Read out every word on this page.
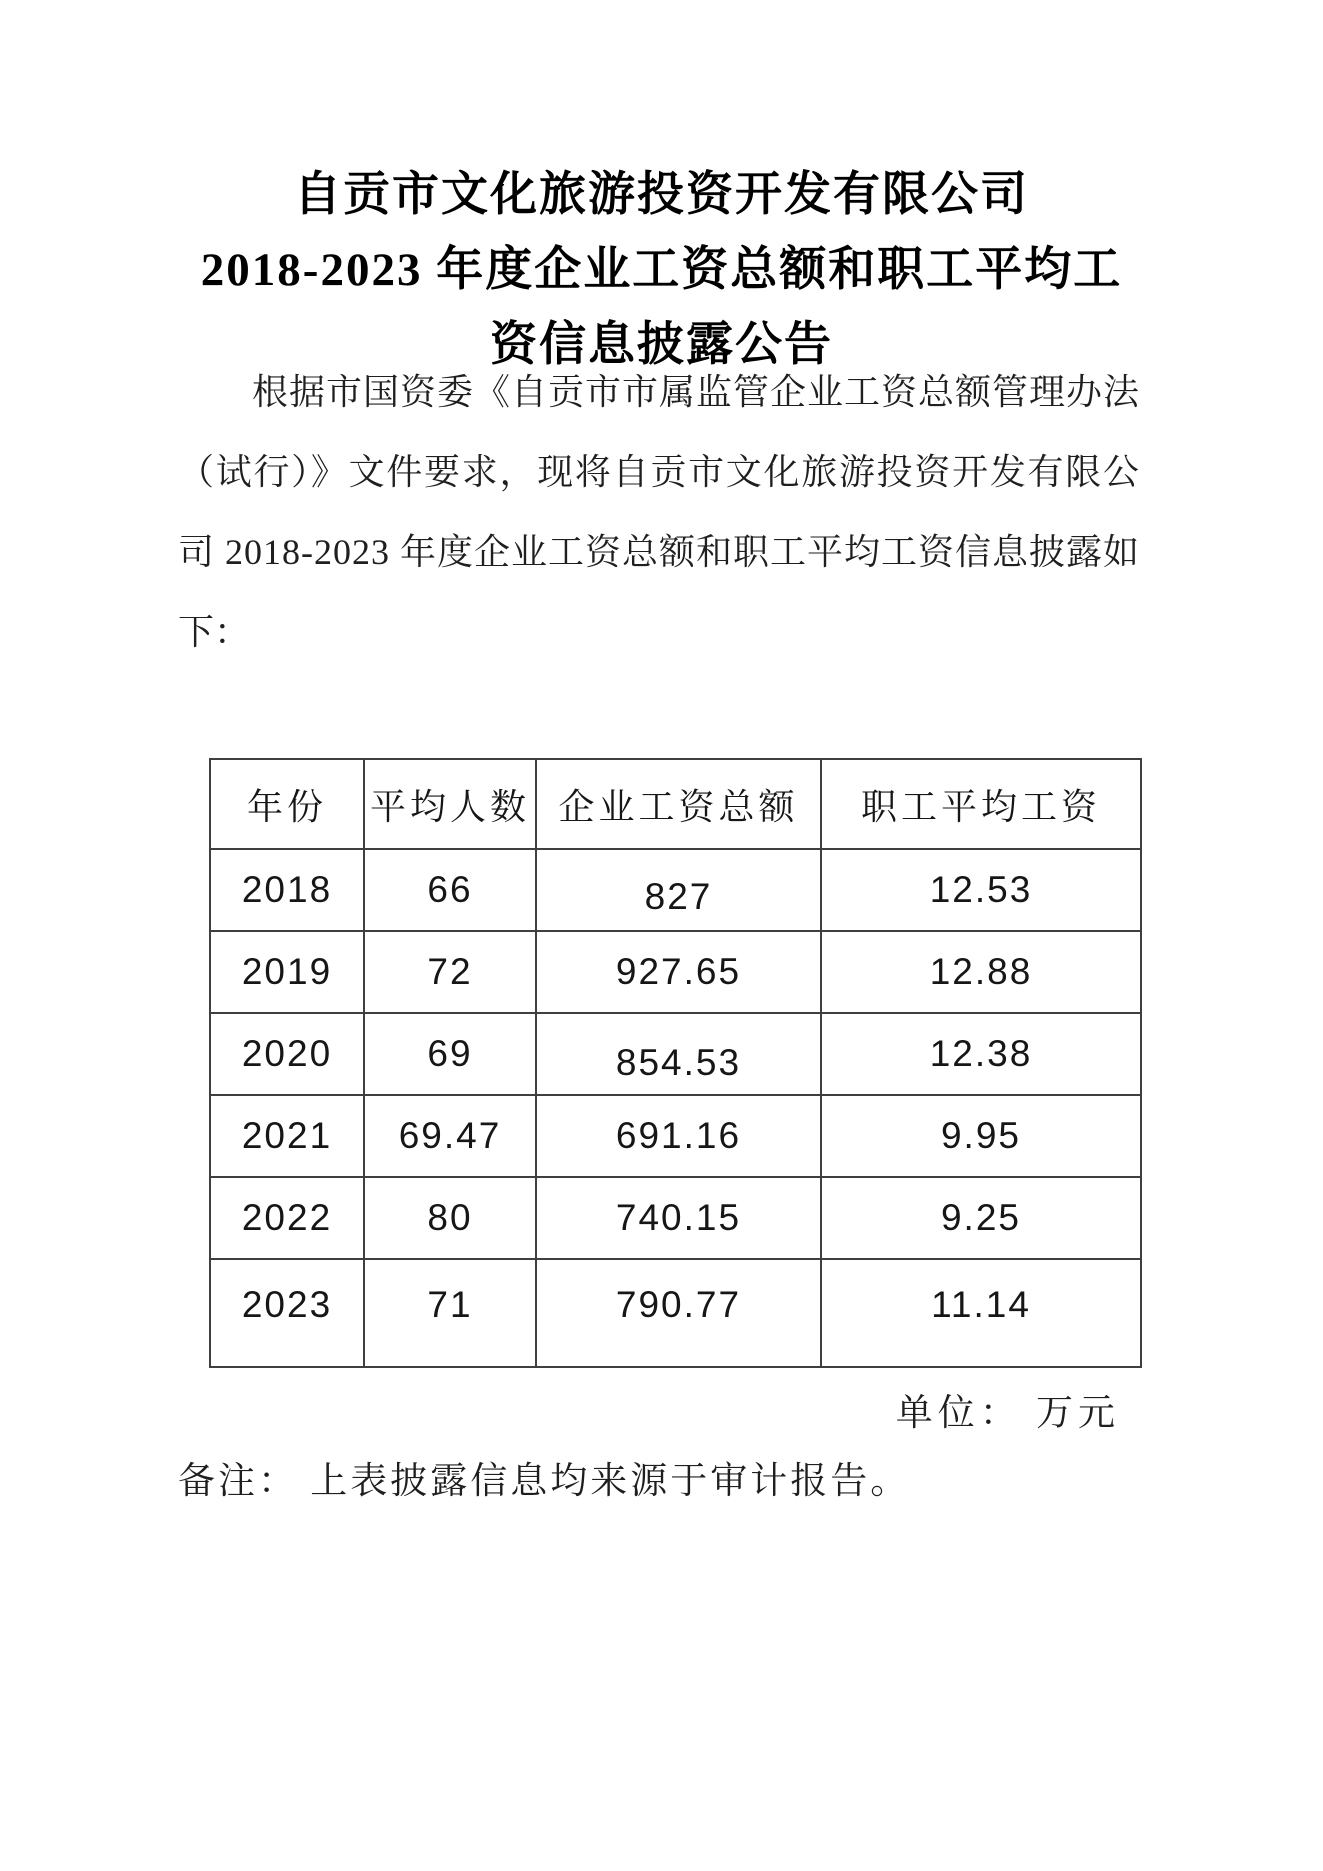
自贡市文化旅游投资开发有限公司
2018-2023 年度企业工资总额和职工平均工
资信息披露公告
根据市国资委《自贡市市属监管企业工资总额管理办法
（试行）》文件要求，现将自贡市文化旅游投资开发有限公
司 2018-2023 年度企业工资总额和职工平均工资信息披露如
下：
年份	平均人数	企业工资总额	职工平均工资
2018	66	827	12.53
2019	72	927.65	12.88
2020	69	854.53	12.38
2021	69.47	691.16	9.95
2022	80	740.15	9.25
2023	71	790.77	11.14
单位： 万元
备注： 上表披露信息均来源于审计报告。
